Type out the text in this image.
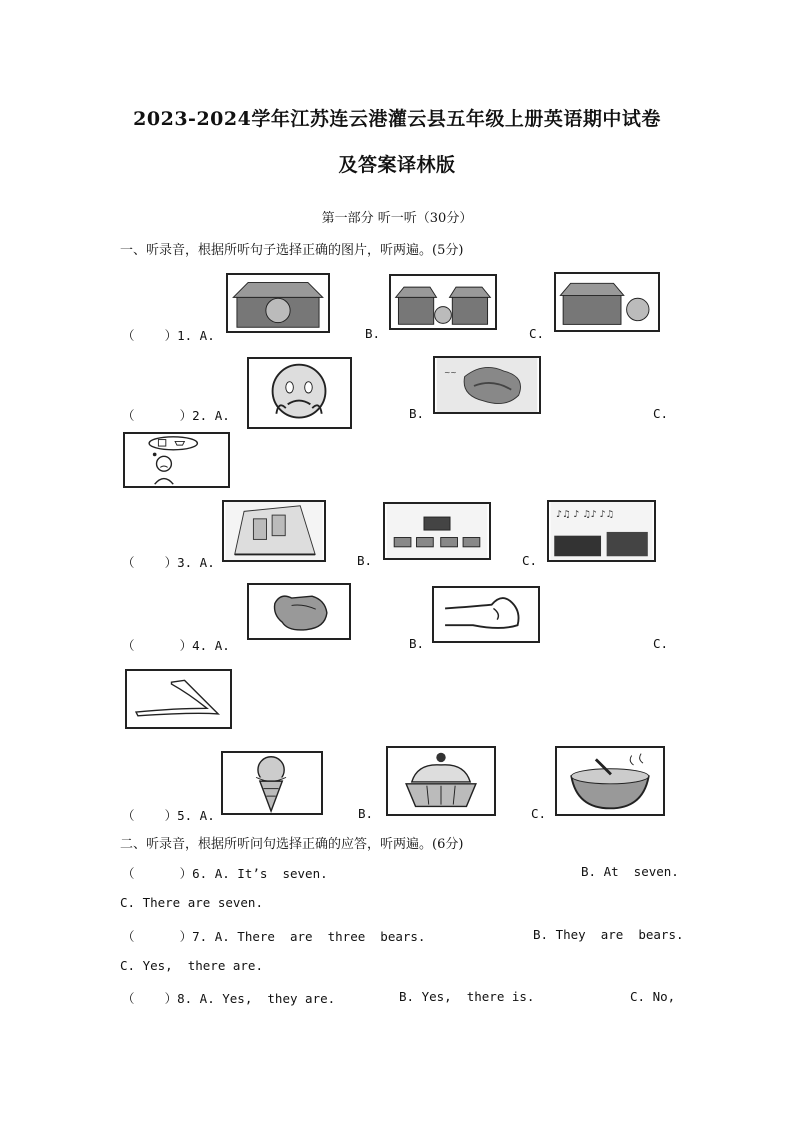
2023-2024学年江苏连云港灌云县五年级上册英语期中试卷
及答案译林版
第一部分 听一听（30分）
一、听录音，根据所听句子选择正确的图片，听两遍。(5分)
（    ）1. A.	B.	C.
（      ）2. A.	B.
~~
C.
（    ）3. A.	B.	C.
♪♫ ♪ ♫♪ ♪♫
（      ）4. A.	B.	C.
（    ）5. A.	B.	C.
二、听录音，根据所听问句选择正确的应答，听两遍。(6分)
（      ）6. A. It’s  seven.	B. At  seven.
C. There are seven.
（      ）7. A. There  are  three  bears.	B. They  are  bears.
C. Yes,  there are.
（    ）8. A. Yes,  they are.	B. Yes,  there is.	C. No,
